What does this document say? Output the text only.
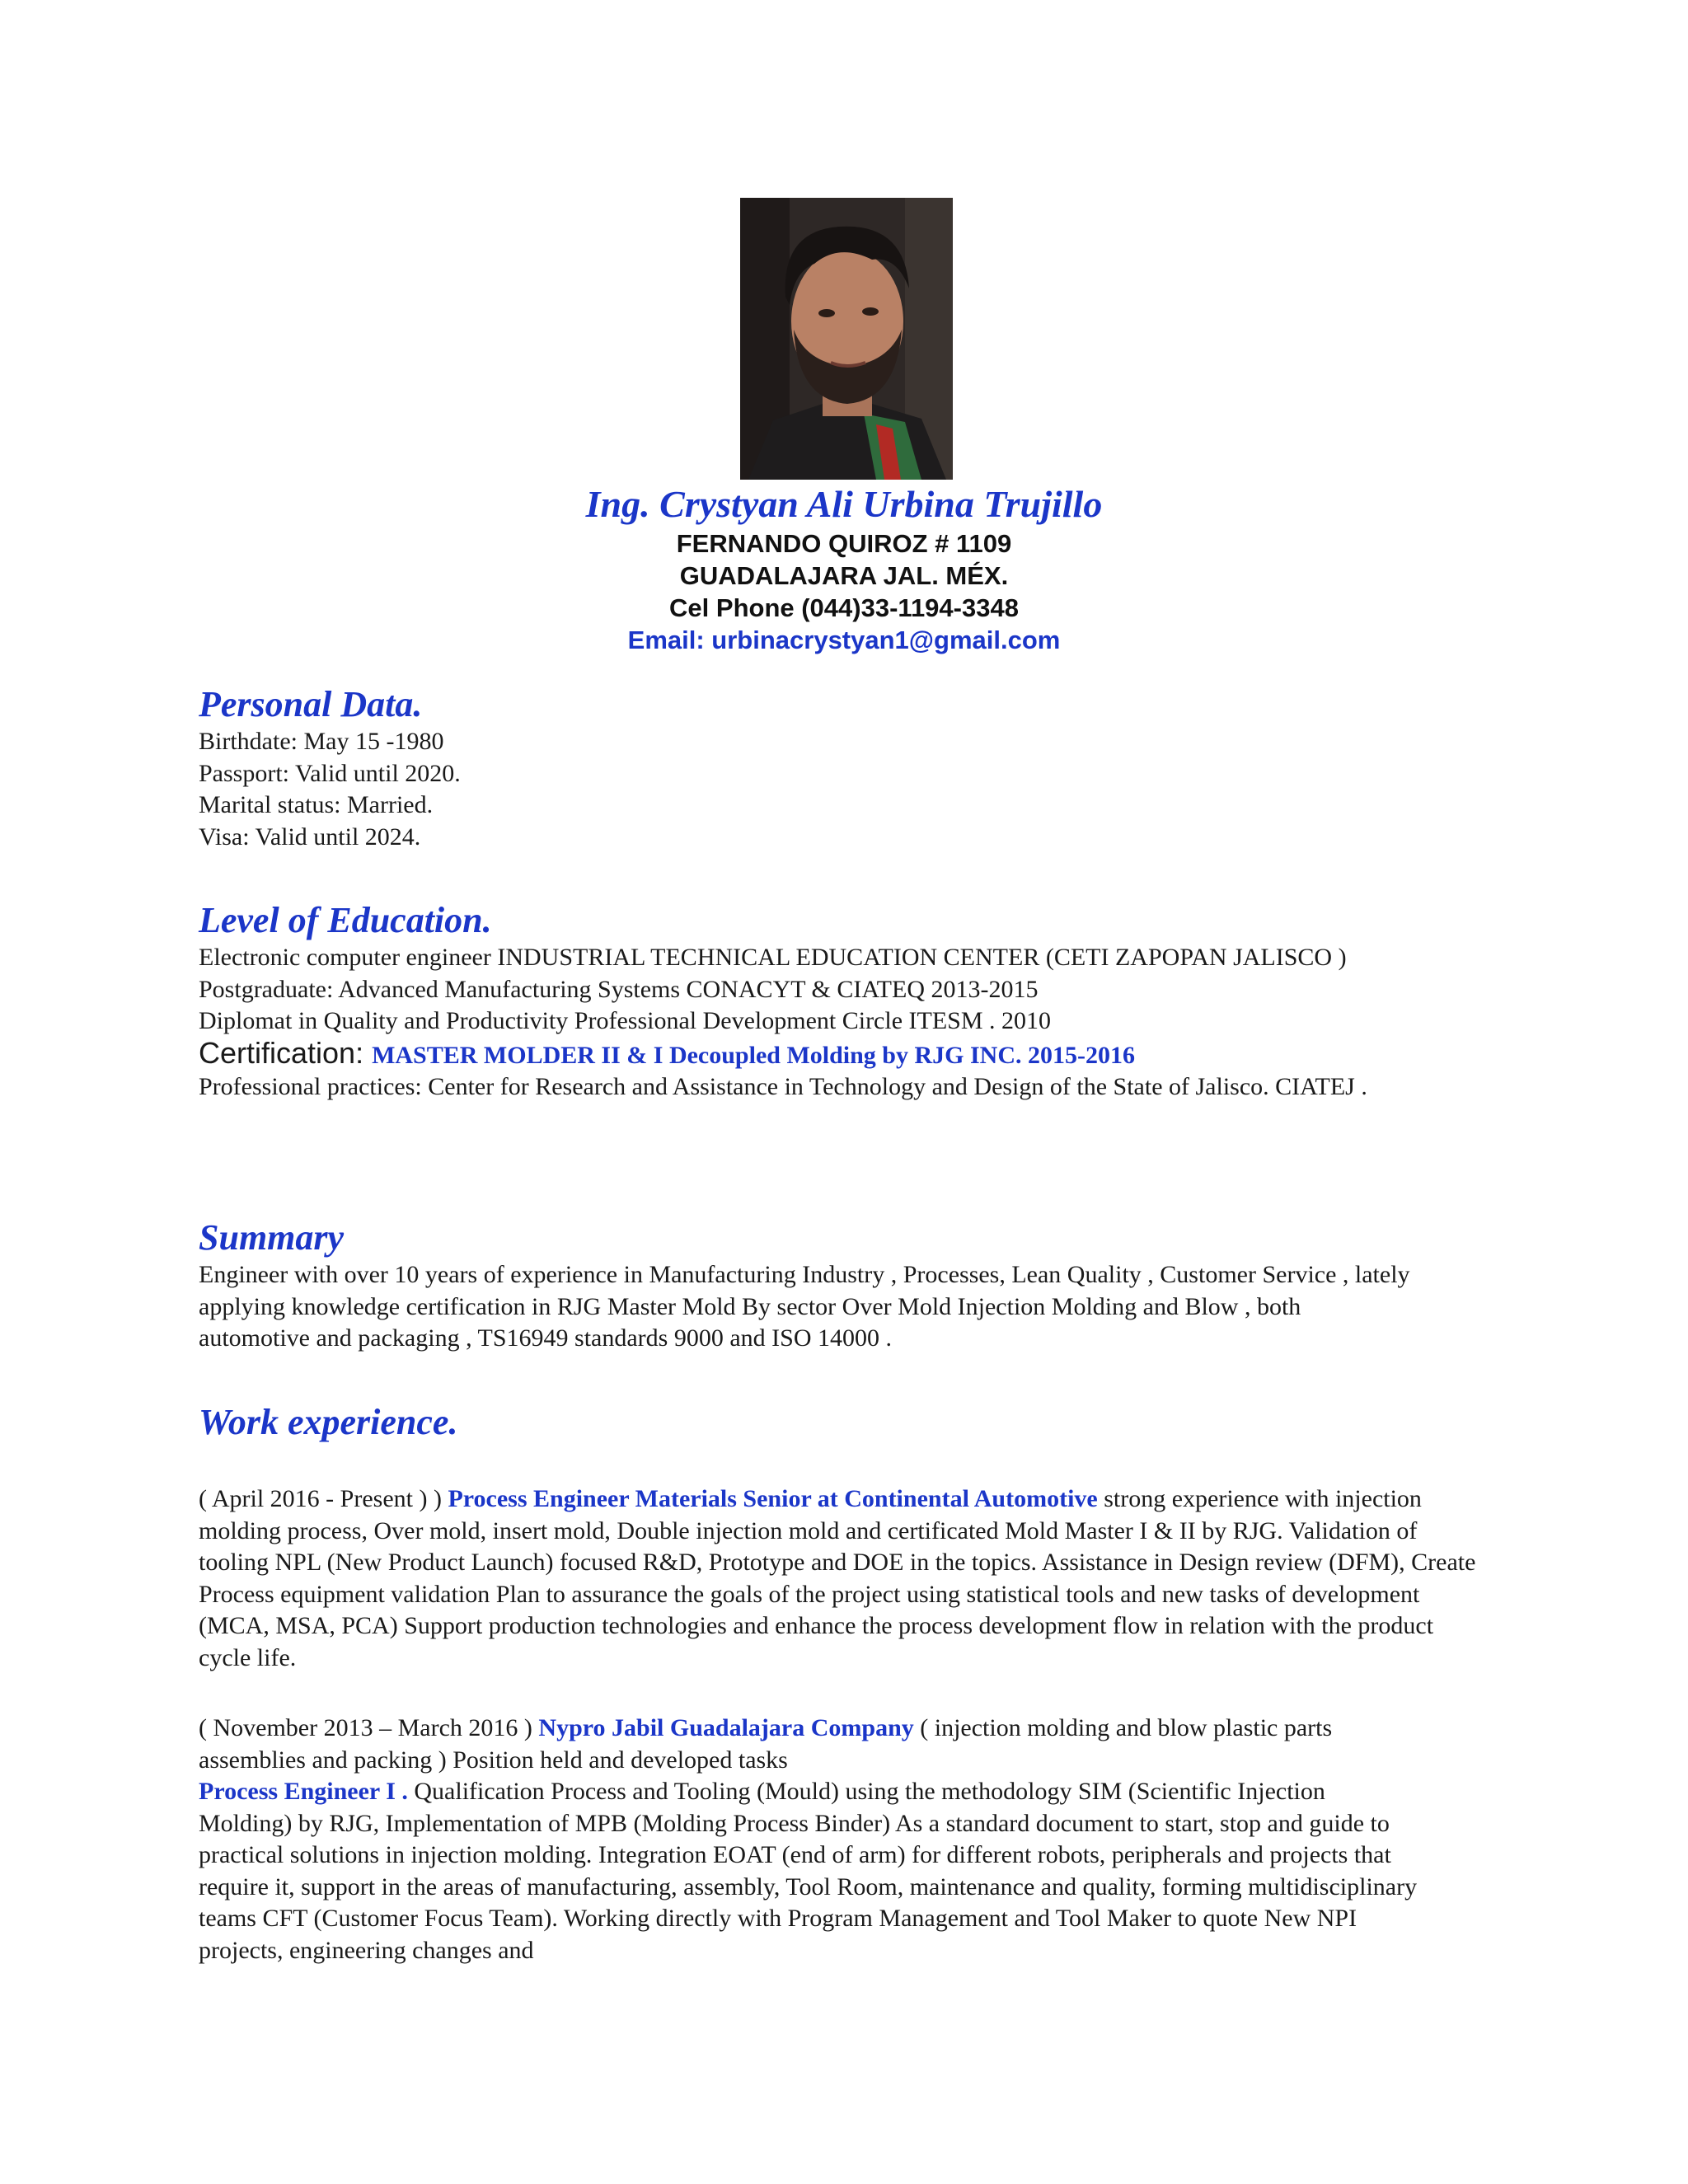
Ing. Crystyan Ali Urbina Trujillo
FERNANDO QUIROZ # 1109
GUADALAJARA JAL. MÉX.
Cel Phone (044)33-1194-3348
Email: urbinacrystyan1@gmail.com
Personal Data.
Birthdate: May 15 -1980
Passport: Valid until 2020.
Marital status: Married.
Visa: Valid until 2024.
Level of Education.
Electronic computer engineer INDUSTRIAL TECHNICAL EDUCATION CENTER (CETI ZAPOPAN JALISCO )
Postgraduate: Advanced Manufacturing Systems CONACYT & CIATEQ 2013-2015
Diplomat in Quality and Productivity Professional Development Circle ITESM . 2010
Certification: MASTER MOLDER II & I Decoupled Molding by RJG INC. 2015-2016
Professional practices: Center for Research and Assistance in Technology and Design of the State of Jalisco. CIATEJ .
Summary
Engineer with over 10 years of experience in Manufacturing Industry , Processes, Lean Quality , Customer Service , lately applying knowledge certification in RJG Master Mold By sector Over Mold Injection Molding and Blow , both automotive and packaging , TS16949 standards 9000 and ISO 14000 .
Work experience.
( April 2016 - Present ) ) Process Engineer Materials Senior at Continental Automotive strong experience with injection molding process, Over mold, insert mold, Double injection mold and certificated Mold Master I & II by RJG. Validation of tooling NPL (New Product Launch) focused R&D, Prototype and DOE in the topics. Assistance in Design review (DFM), Create Process equipment validation Plan to assurance the goals of the project using statistical tools and new tasks of development (MCA, MSA, PCA) Support production technologies and enhance the process development flow in relation with the product cycle life.
( November 2013 – March 2016 ) Nypro Jabil Guadalajara Company ( injection molding and blow plastic parts assemblies and packing ) Position held and developed tasks
Process Engineer I . Qualification Process and Tooling (Mould) using the methodology SIM (Scientific Injection Molding) by RJG, Implementation of MPB (Molding Process Binder) As a standard document to start, stop and guide to practical solutions in injection molding. Integration EOAT (end of arm) for different robots, peripherals and projects that require it, support in the areas of manufacturing, assembly, Tool Room, maintenance and quality, forming multidisciplinary teams CFT (Customer Focus Team). Working directly with Program Management and Tool Maker to quote New NPI projects, engineering changes and
